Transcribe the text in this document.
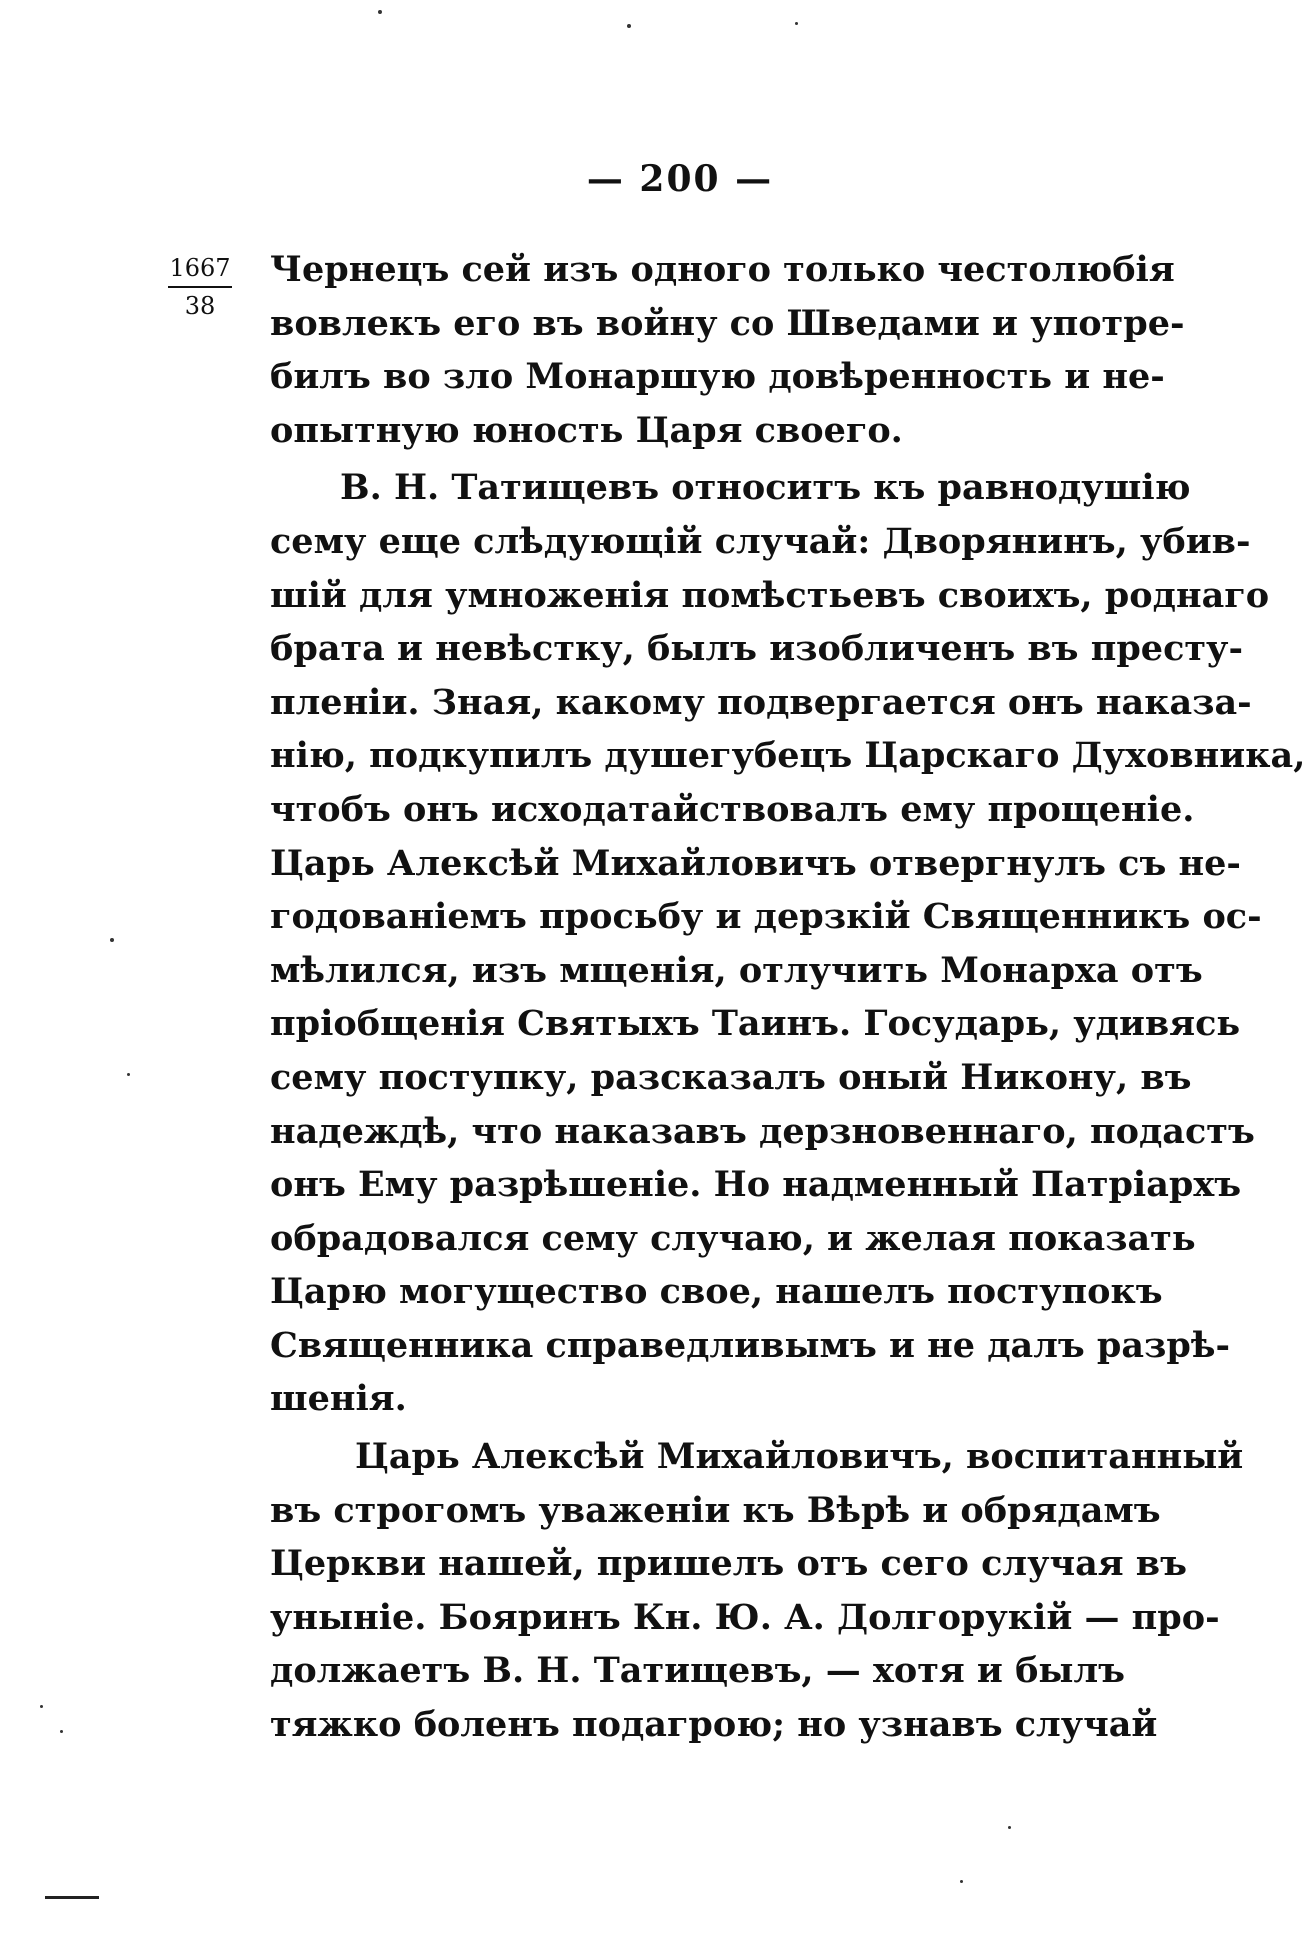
— 200 —
1667
38

Чернецъ сей изъ одного только честолюбія
вовлекъ его въ войну со Шведами и употре-
билъ во зло Монаршую довѣренность и не-
опытную юность Царя своего.

В. Н. Татищевъ относитъ къ равнодушію
сему еще слѣдующій случай: Дворянинъ, убив-
шій для умноженія помѣстьевъ своихъ, роднаго
брата и невѣстку, былъ изобличенъ въ престу-
пленіи. Зная, какому подвергается онъ наказа-
нію, подкупилъ душегубецъ Царскаго Духовника,
чтобъ онъ исходатайствовалъ ему прощеніе.
Царь Алексѣй Михайловичъ отвергнулъ съ не-
годованіемъ просьбу и дерзкій Священникъ ос-
мѣлился, изъ мщенія, отлучить Монарха отъ
пріобщенія Святыхъ Таинъ. Государь, удивясь
сему поступку, разсказалъ оный Никону, въ
надеждѣ, что наказавъ дерзновеннаго, подастъ
онъ Ему разрѣшеніе. Но надменный Патріархъ
обрадовался сему случаю, и желая показать
Царю могущество свое, нашелъ поступокъ
Священника справедливымъ и не далъ разрѣ-
шенія.

Царь Алексѣй Михайловичъ, воспитанный
въ строгомъ уваженіи къ Вѣрѣ и обрядамъ
Церкви нашей, пришелъ отъ сего случая въ
уныніе. Бояринъ Кн. Ю. А. Долгорукій — про-
должаетъ В. Н. Татищевъ, — хотя и былъ
тяжко боленъ подагрою; но узнавъ случай
